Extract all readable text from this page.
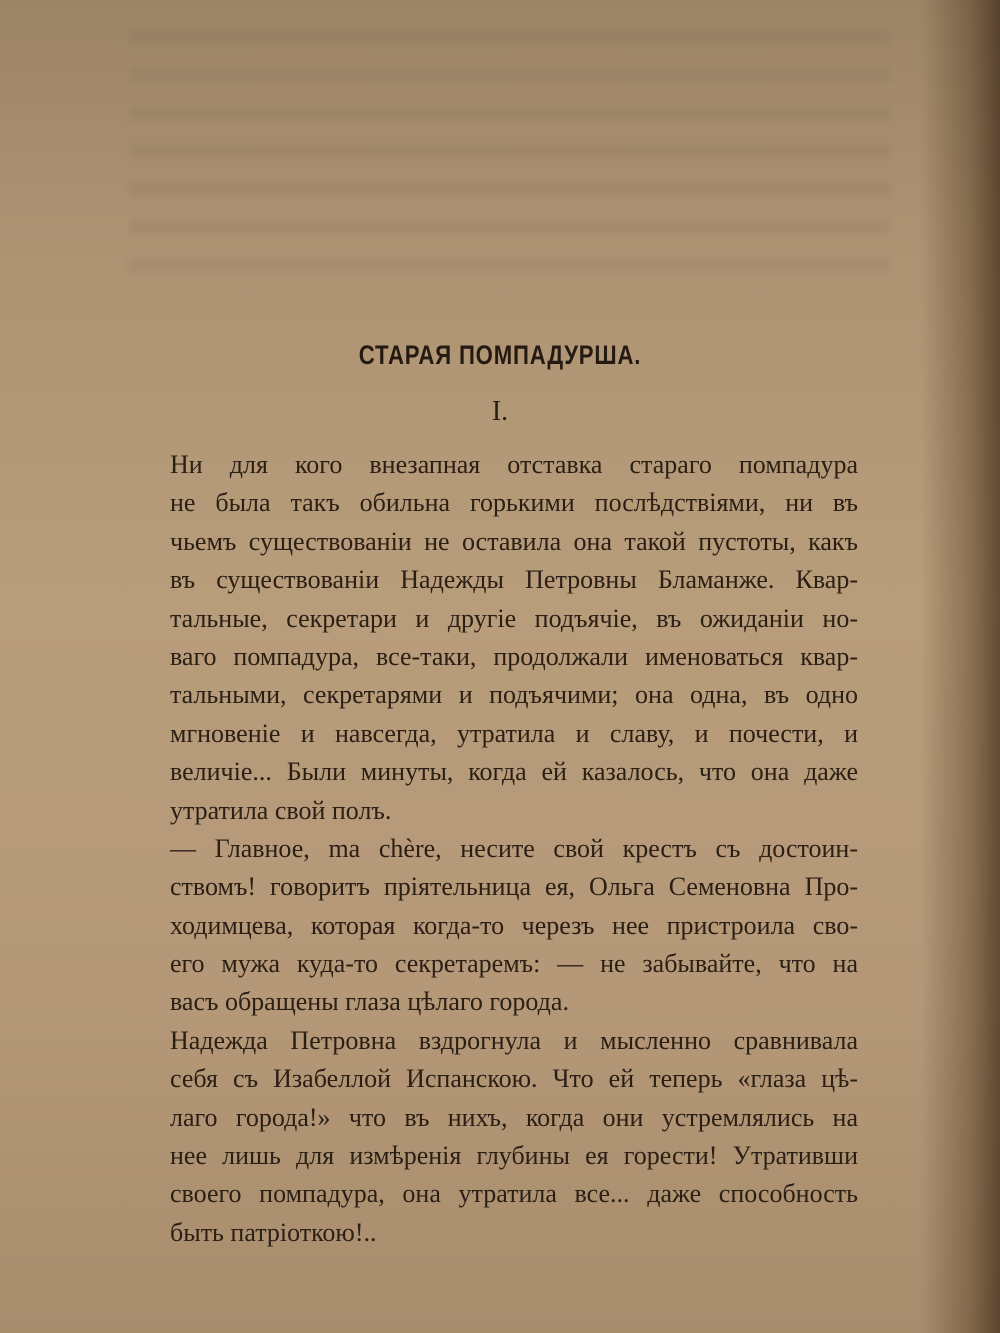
СТАРАЯ ПОМПАДУРША.
I.
Ни для кого внезапная отставка стараго помпадура
не была такъ обильна горькими послѣдствіями, ни въ
чьемъ существованіи не оставила она такой пустоты, какъ
въ существованіи Надежды Петровны Бламанже. Квар-
тальные, секретари и другіе подъячіе, въ ожиданіи но-
ваго помпадура, все-таки, продолжали именоваться квар-
тальными, секретарями и подъячими; она одна, въ одно
мгновеніе и навсегда, утратила и славу, и почести, и
величіе... Были минуты, когда ей казалось, что она даже
утратила свой полъ.
— Главное, ma chère, несите свой крестъ съ достоин-
ствомъ! говоритъ пріятельница ея, Ольга Семеновна Про-
ходимцева, которая когда-то черезъ нее пристроила сво-
его мужа куда-то секретаремъ: — не забывайте, что на
васъ обращены глаза цѣлаго города.
Надежда Петровна вздрогнула и мысленно сравнивала
себя съ Изабеллой Испанскою. Что ей теперь «глаза цѣ-
лаго города!» что въ нихъ, когда они устремлялись на
нее лишь для измѣренія глубины ея горести! Утративши
своего помпадура, она утратила все... даже способность
быть патріоткою!..
